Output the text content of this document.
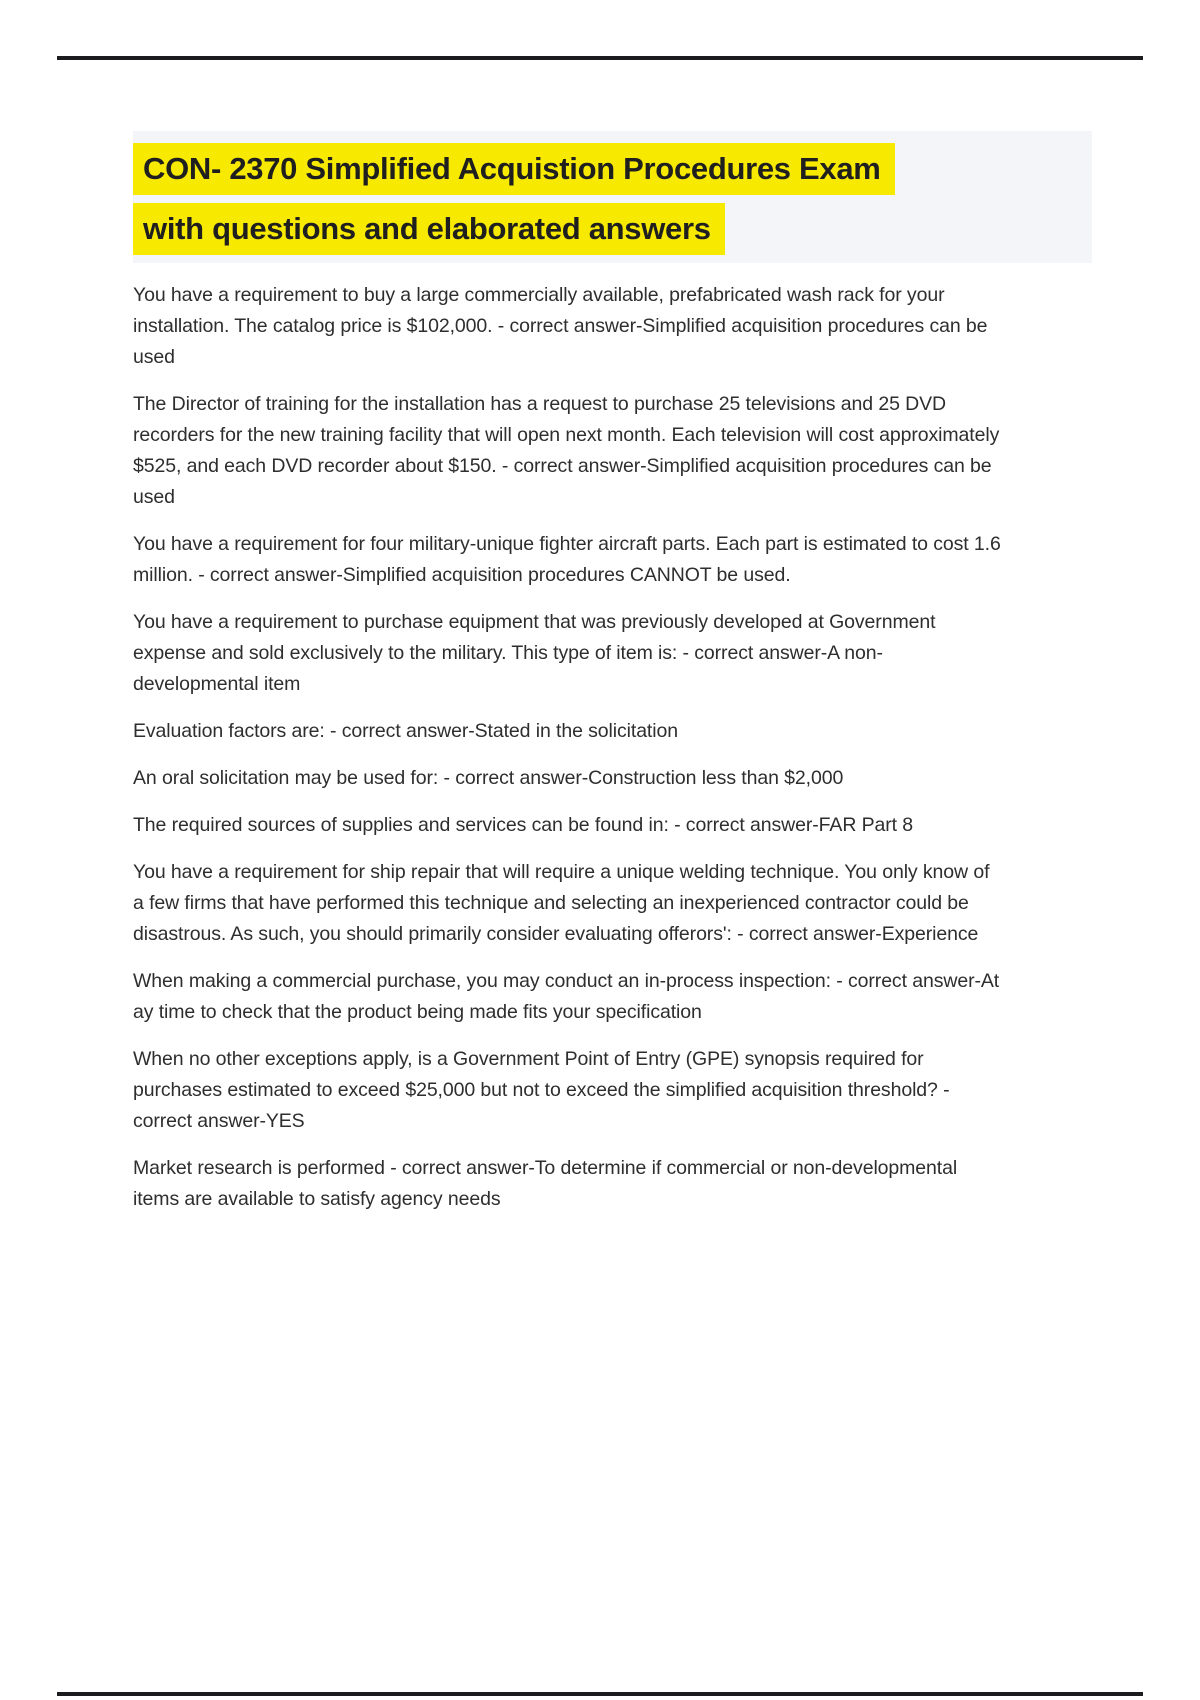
CON- 2370 Simplified Acquistion Procedures Exam
with questions and elaborated answers

You have a requirement to buy a large commercially available, prefabricated wash rack for your installation. The catalog price is $102,000. - correct answer-Simplified acquisition procedures can be used

The Director of training for the installation has a request to purchase 25 televisions and 25 DVD recorders for the new training facility that will open next month. Each television will cost approximately $525, and each DVD recorder about $150. - correct answer-Simplified acquisition procedures can be used

You have a requirement for four military-unique fighter aircraft parts. Each part is estimated to cost 1.6 million. - correct answer-Simplified acquisition procedures CANNOT be used.

You have a requirement to purchase equipment that was previously developed at Government expense and sold exclusively to the military. This type of item is: - correct answer-A non-developmental item

Evaluation factors are: - correct answer-Stated in the solicitation

An oral solicitation may be used for: - correct answer-Construction less than $2,000

The required sources of supplies and services can be found in: - correct answer-FAR Part 8

You have a requirement for ship repair that will require a unique welding technique. You only know of a few firms that have performed this technique and selecting an inexperienced contractor could be disastrous. As such, you should primarily consider evaluating offerors': - correct answer-Experience

When making a commercial purchase, you may conduct an in-process inspection: - correct answer-At ay time to check that the product being made fits your specification

When no other exceptions apply, is a Government Point of Entry (GPE) synopsis required for purchases estimated to exceed $25,000 but not to exceed the simplified acquisition threshold? - correct answer-YES

Market research is performed - correct answer-To determine if commercial or non-developmental items are available to satisfy agency needs
